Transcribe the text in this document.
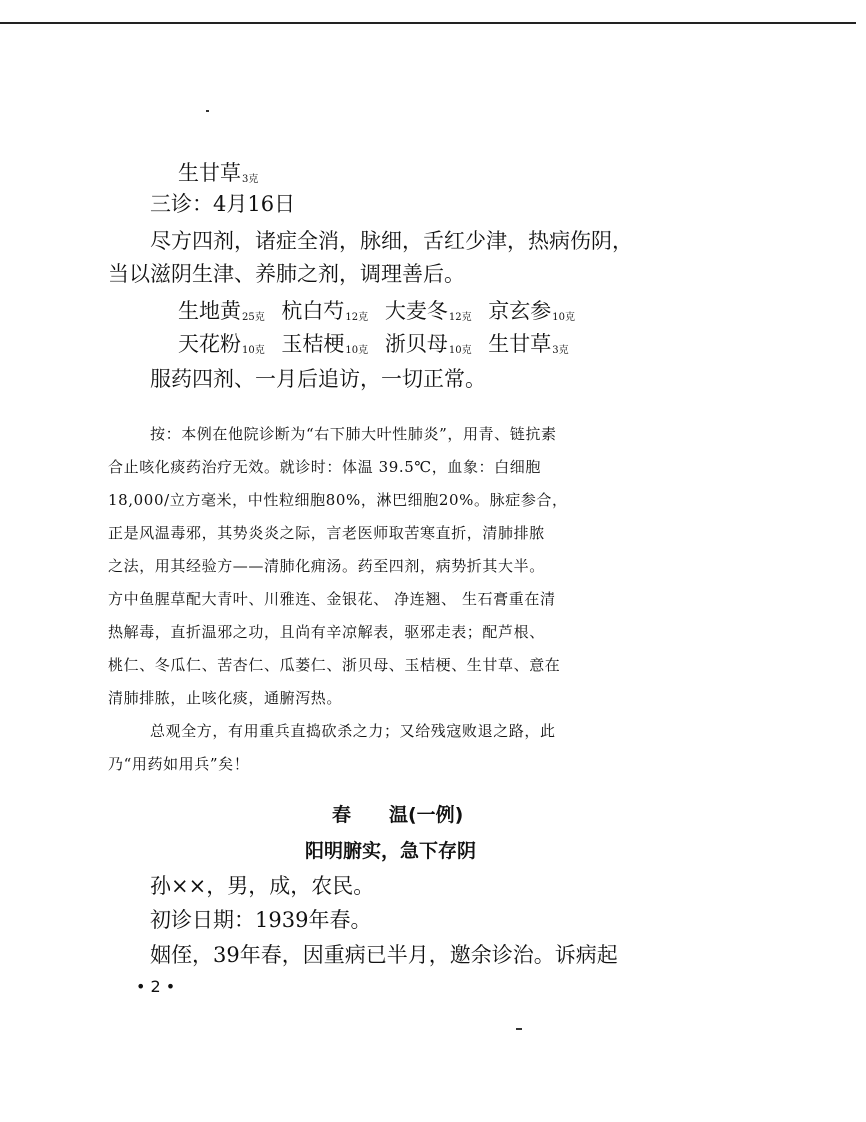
生甘草3克
三诊：4月16日
尽方四剂，诸症全消，脉细，舌红少津，热病伤阴，
当以滋阴生津、养肺之剂，调理善后。
生地黄25克 杭白芍12克 大麦冬12克 京玄参10克
天花粉10克 玉桔梗10克 浙贝母10克 生甘草3克
服药四剂、一月后追访，一切正常。
按：本例在他院诊断为“右下肺大叶性肺炎”，用青、链抗素
合止咳化痰药治疗无效。就诊时：体温 39.5℃，血象：白细胞
18,000/立方毫米，中性粒细胞80%，淋巴细胞20%。脉症参合，
正是风温毒邪，其势炎炎之际，言老医师取苦寒直折，清肺排脓
之法，用其经验方——清肺化痈汤。药至四剂，病势折其大半。
方中鱼腥草配大青叶、川雅连、金银花、 净连翘、 生石膏重在清
热解毒，直折温邪之功，且尚有辛凉解表，驱邪走表；配芦根、
桃仁、冬瓜仁、苦杏仁、瓜蒌仁、浙贝母、玉桔梗、生甘草、意在
清肺排脓，止咳化痰，通腑泻热。
总观全方，有用重兵直捣砍杀之力；又给残寇败退之路，此
乃“用药如用兵”矣！
春　　温(一例)
阳明腑实，急下存阴
孙××，男，成，农民。
初诊日期：1939年春。
姻侄，39年春，因重病已半月，邀余诊治。诉病起
• 2 •
